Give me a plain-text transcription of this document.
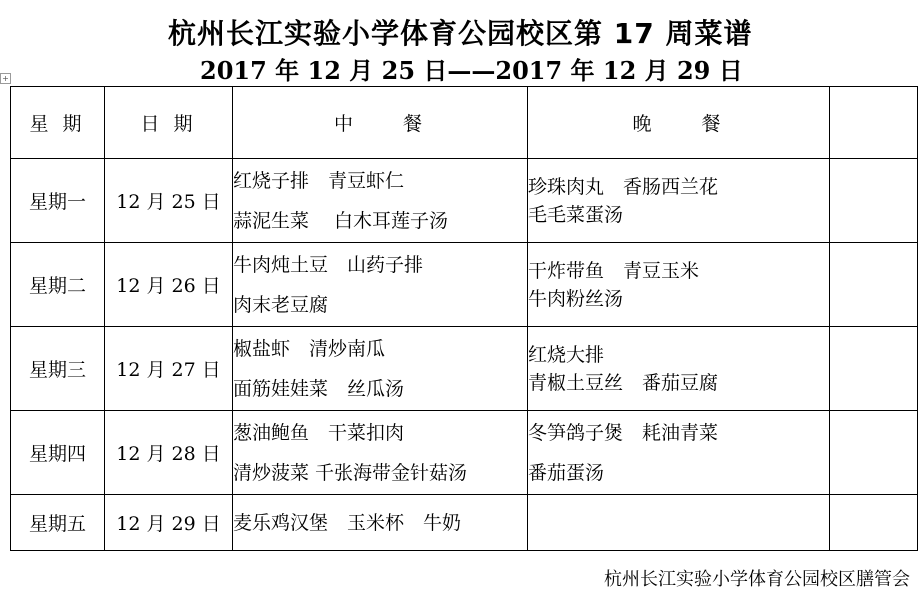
杭州长江实验小学体育公园校区第 17 周菜谱
2017 年 12 月 25 日——2017 年 12 月 29 日
+
星 期	日 期	中　　餐	晚　　餐	
星期一	12 月 25 日	红烧子排　青豆虾仁
蒜泥生菜　 白木耳莲子汤	珍珠肉丸　香肠西兰花
毛毛菜蛋汤	

星期二	12 月 26 日	牛肉炖土豆　山药子排
肉末老豆腐	干炸带鱼　青豆玉米
牛肉粉丝汤	

星期三	12 月 27 日	椒盐虾　清炒南瓜
面筋娃娃菜　丝瓜汤	红烧大排
青椒土豆丝　番茄豆腐	

星期四	12 月 28 日	葱油鲍鱼　干菜扣肉
清炒菠菜 千张海带金针菇汤	冬笋鸽子煲　耗油青菜
番茄蛋汤	

星期五	12 月 29 日	麦乐鸡汉堡　玉米杯　牛奶		

杭州长江实验小学体育公园校区膳管会
